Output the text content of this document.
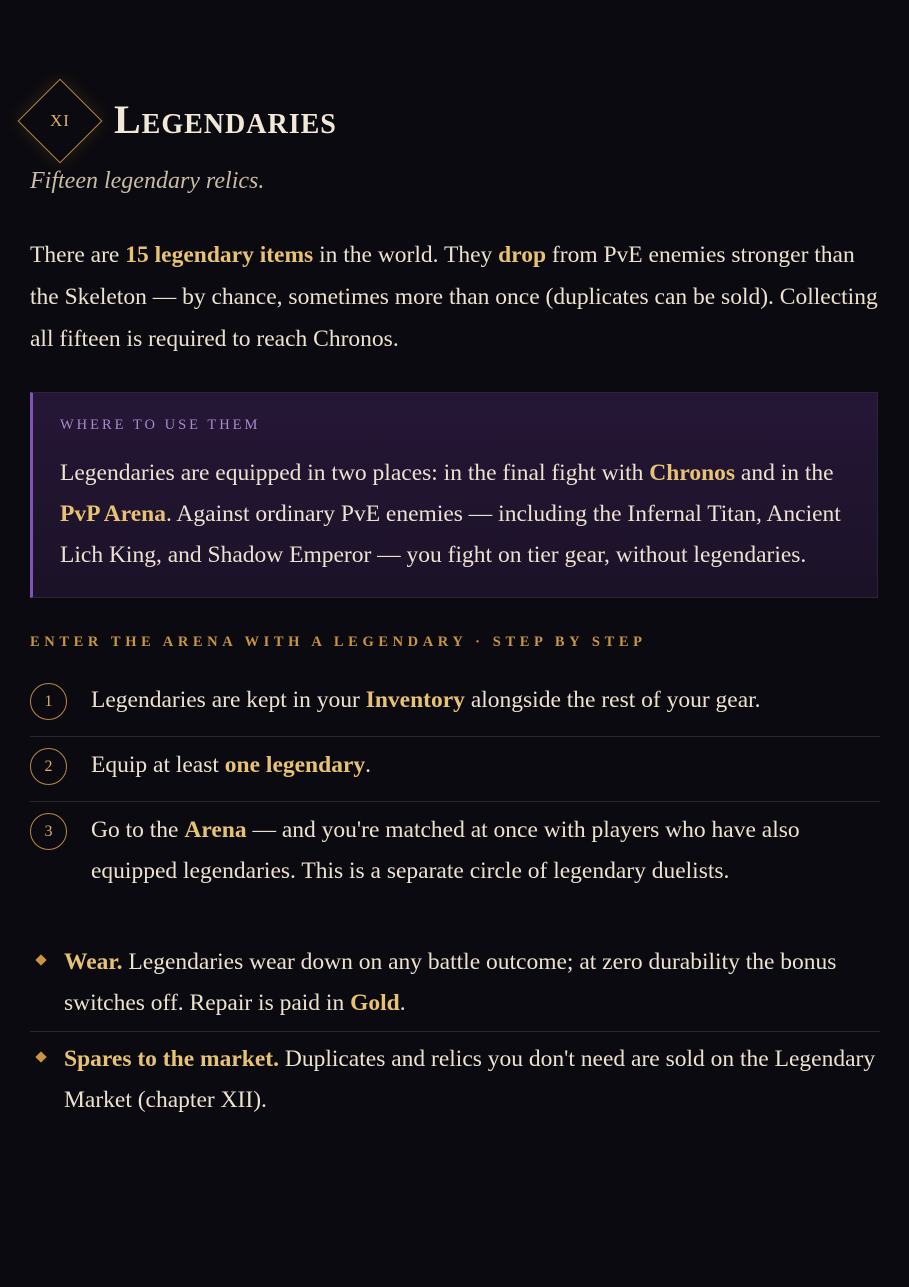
XI	Legendaries
Fifteen legendary relics.

There are 15 legendary items in the world. They drop from PvE enemies stronger than the Skeleton — by chance, sometimes more than once (duplicates can be sold). Collecting all fifteen is required to reach Chronos.

WHERE TO USE THEM

Legendaries are equipped in two places: in the final fight with Chronos and in the PvP Arena. Against ordinary PvE enemies — including the Infernal Titan, Ancient Lich King, and Shadow Emperor — you fight on tier gear, without legendaries.

ENTER THE ARENA WITH A LEGENDARY · STEP BY STEP
1	Legendaries are kept in your Inventory alongside the rest of your gear.
2	Equip at least one legendary.
3	Go to the Arena — and you're matched at once with players who have also equipped legendaries. This is a separate circle of legendary duelists.
Wear. Legendaries wear down on any battle outcome; at zero durability the bonus switches off. Repair is paid in Gold.
Spares to the market. Duplicates and relics you don't need are sold on the Legendary Market (chapter XII).
